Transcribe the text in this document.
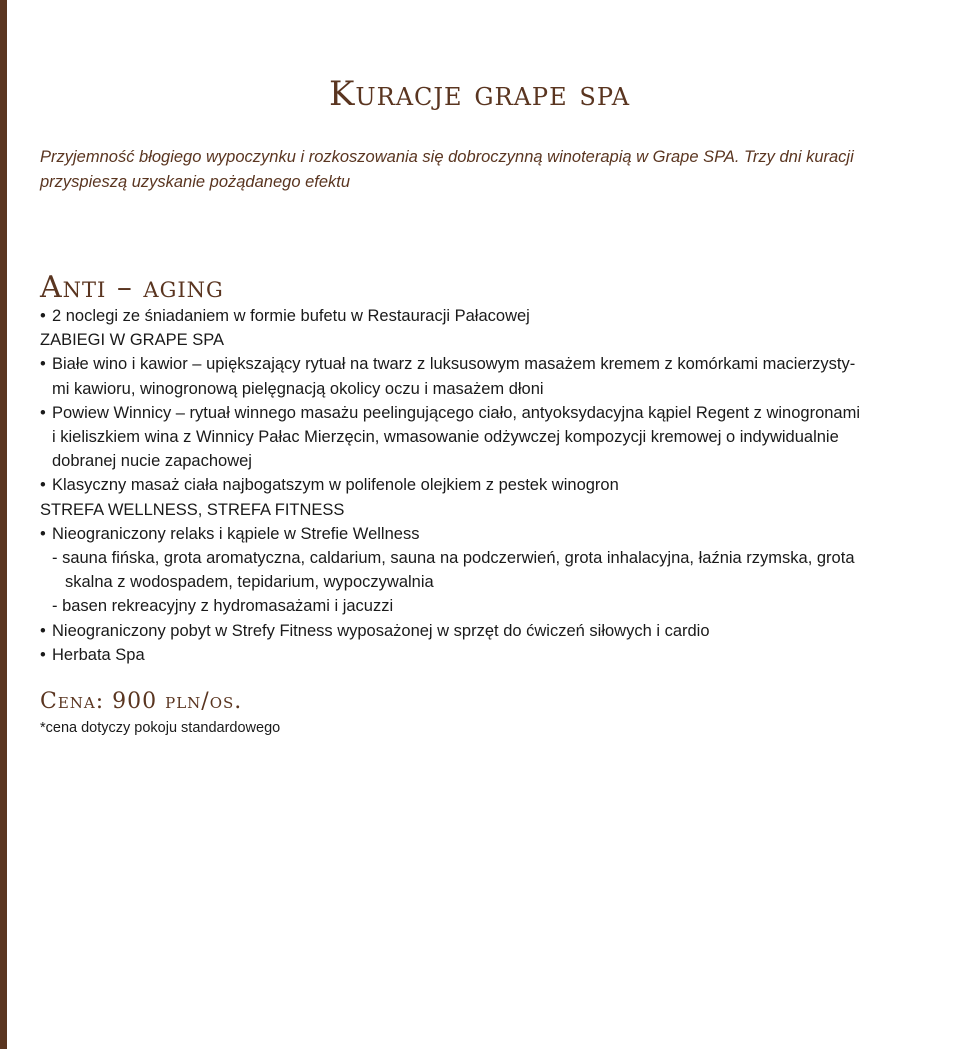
Kuracje grape spa
Przyjemność błogiego wypoczynku i rozkoszowania się dobroczynną winoterapią w Grape SPA. Trzy dni kuracji
przyspieszą uzyskanie pożądanego efektu
Anti – aging
• 2 noclegi ze śniadaniem w formie bufetu w Restauracji Pałacowej
ZABIEGI W GRAPE SPA
• Białe wino i kawior – upiększający rytuał na twarz z luksusowym masażem kremem z komórkami macierzysty-
mi kawioru, winogronową pielęgnacją okolicy oczu i masażem dłoni
• Powiew Winnicy – rytuał winnego masażu peelingującego ciało, antyoksydacyjna kąpiel Regent z winogronami
i kieliszkiem wina z Winnicy Pałac Mierzęcin, wmasowanie odżywczej kompozycji kremowej o indywidualnie
dobranej nucie zapachowej
• Klasyczny masaż ciała najbogatszym w polifenole olejkiem z pestek winogron
STREFA WELLNESS, STREFA FITNESS
• Nieograniczony relaks i kąpiele w Strefie Wellness
- sauna fińska, grota aromatyczna, caldarium, sauna na podczerwień, grota inhalacyjna, łaźnia rzymska, grota
skalna z wodospadem, tepidarium, wypoczywalnia
- basen rekreacyjny z hydromasażami i jacuzzi
• Nieograniczony pobyt w Strefy Fitness wyposażonej w sprzęt do ćwiczeń siłowych i cardio
• Herbata Spa
Cena: 900 pln/os.
*cena dotyczy pokoju standardowego
